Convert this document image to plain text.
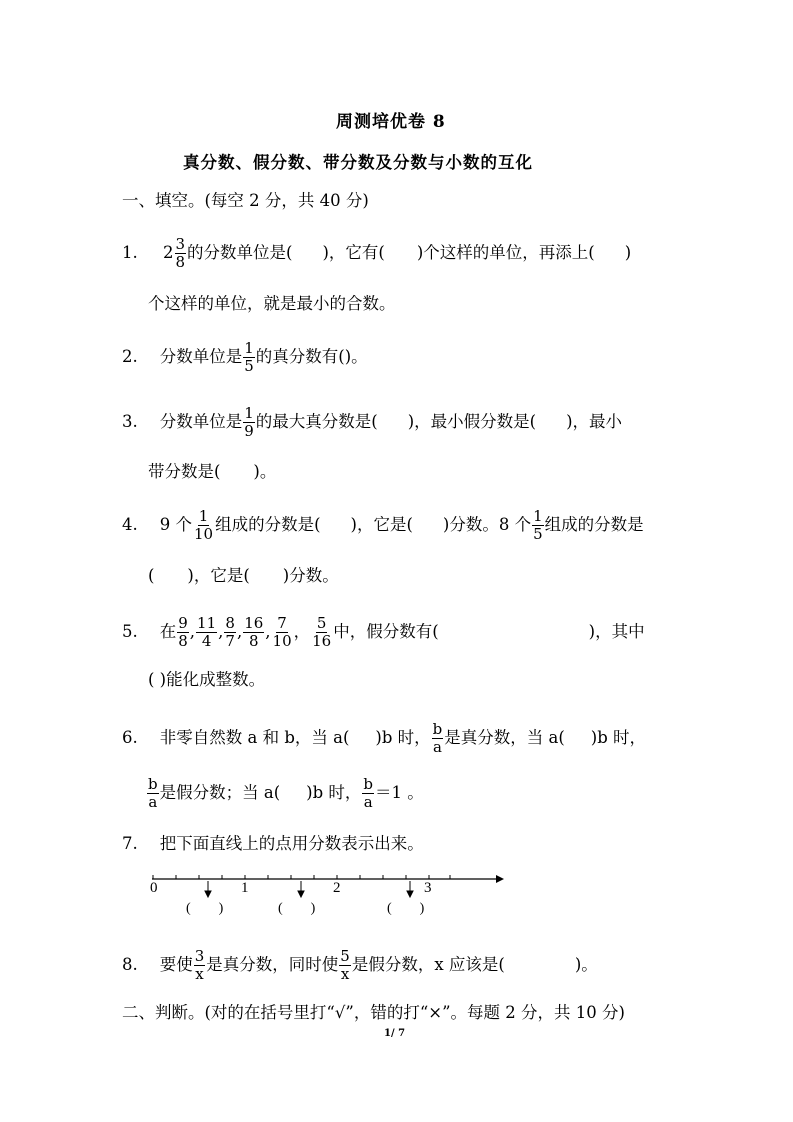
周测培优卷 8
真分数、假分数、带分数及分数与小数的互化
一、填空。(每空 2 分，共 40 分)
1. $2 \frac{3}{8}$ 的分数单位是( )，它有( )个这样的单位，再添上( )
个这样的单位，就是最小的合数。
2. 分数单位是 $\frac{1}{5}$ 的真分数有()。
3. 分数单位是 $\frac{1}{9}$ 的最大真分数是( )，最小假分数是( )，最小
带分数是(　　)。
4. 9 个 $\frac{1}{10}$ 组成的分数是( )，它是( )分数。8 个 $\frac{1}{5}$ 组成的分数是
(　　)，它是(　　)分数。
5. 在 $\frac{9}{8}$ , $\frac{11}{4}$ , $\frac{8}{7}$ , $\frac{16}{8}$ , $\frac{7}{10}$ ， $\frac{5}{16}$ 中，假分数有(	)，其中
( )能化成整数。
6. 非零自然数 a 和 b，当 a( )b 时， $\frac{b}{a}$ 是真分数，当 a( )b 时，
$\frac{b}{a}$ 是假分数；当 a( )b 时， $\frac{b}{a} =1$ 。
7. 把下面直线上的点用分数表示出来。
0	1	2	3
(　　)	(　　)	(　　)
8. 要使 $\frac{3}{x}$ 是真分数，同时使 $\frac{5}{x}$ 是假分数，x 应该是(	)。
二、判断。(对的在括号里打“√”，错的打“×”。每题 2 分，共 10 分)
1/ 7
